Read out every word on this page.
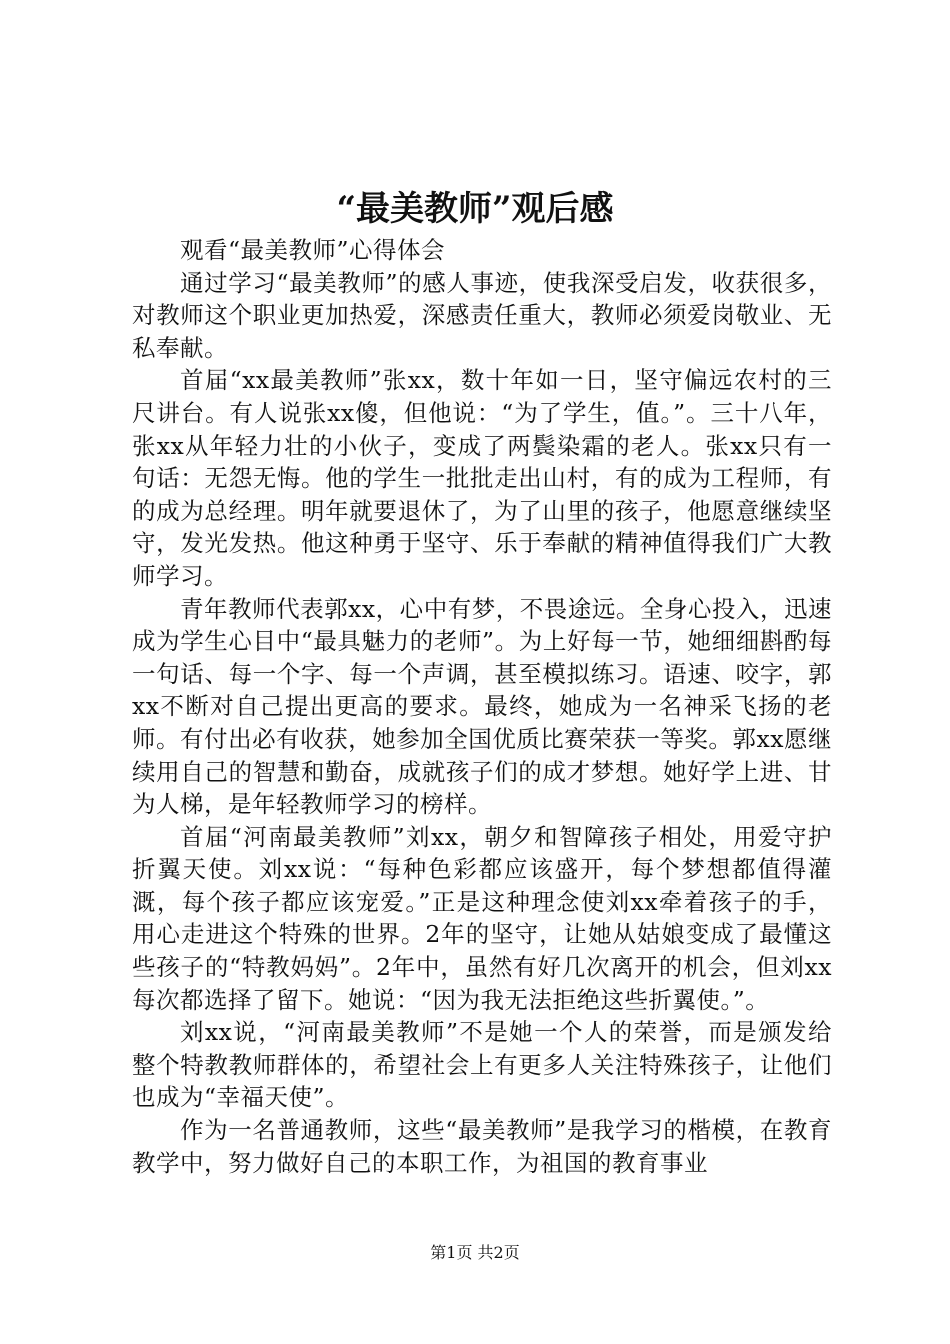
“最美教师”观后感

观看“最美教师”心得体会

通过学习“最美教师”的感人事迹，使我深受启发，收获很多，对教师这个职业更加热爱，深感责任重大，教师必须爱岗敬业、无私奉献。

首届“xx最美教师”张xx，数十年如一日，坚守偏远农村的三尺讲台。有人说张xx傻，但他说：“为了学生，值。”。三十八年，张xx从年轻力壮的小伙子，变成了两鬓染霜的老人。张xx只有一句话：无怨无悔。他的学生一批批走出山村，有的成为工程师，有的成为总经理。明年就要退休了，为了山里的孩子，他愿意继续坚守，发光发热。他这种勇于坚守、乐于奉献的精神值得我们广大教师学习。

青年教师代表郭xx，心中有梦，不畏途远。全身心投入，迅速成为学生心目中“最具魅力的老师”。为上好每一节，她细细斟酌每一句话、每一个字、每一个声调，甚至模拟练习。语速、咬字，郭xx不断对自己提出更高的要求。最终，她成为一名神采飞扬的老师。有付出必有收获，她参加全国优质比赛荣获一等奖。郭xx愿继续用自己的智慧和勤奋，成就孩子们的成才梦想。她好学上进、甘为人梯，是年轻教师学习的榜样。

首届“河南最美教师”刘xx，朝夕和智障孩子相处，用爱守护折翼天使。刘xx说：“每种色彩都应该盛开，每个梦想都值得灌溉，每个孩子都应该宠爱。”正是这种理念使刘xx牵着孩子的手，用心走进这个特殊的世界。2年的坚守，让她从姑娘变成了最懂这些孩子的“特教妈妈”。2年中，虽然有好几次离开的机会，但刘xx每次都选择了留下。她说：“因为我无法拒绝这些折翼使。”。

刘xx说，“河南最美教师”不是她一个人的荣誉，而是颁发给整个特教教师群体的，希望社会上有更多人关注特殊孩子，让他们也成为“幸福天使”。

作为一名普通教师，这些“最美教师”是我学习的楷模，在教育教学中，努力做好自己的本职工作，为祖国的教育事业

第1页 共2页
